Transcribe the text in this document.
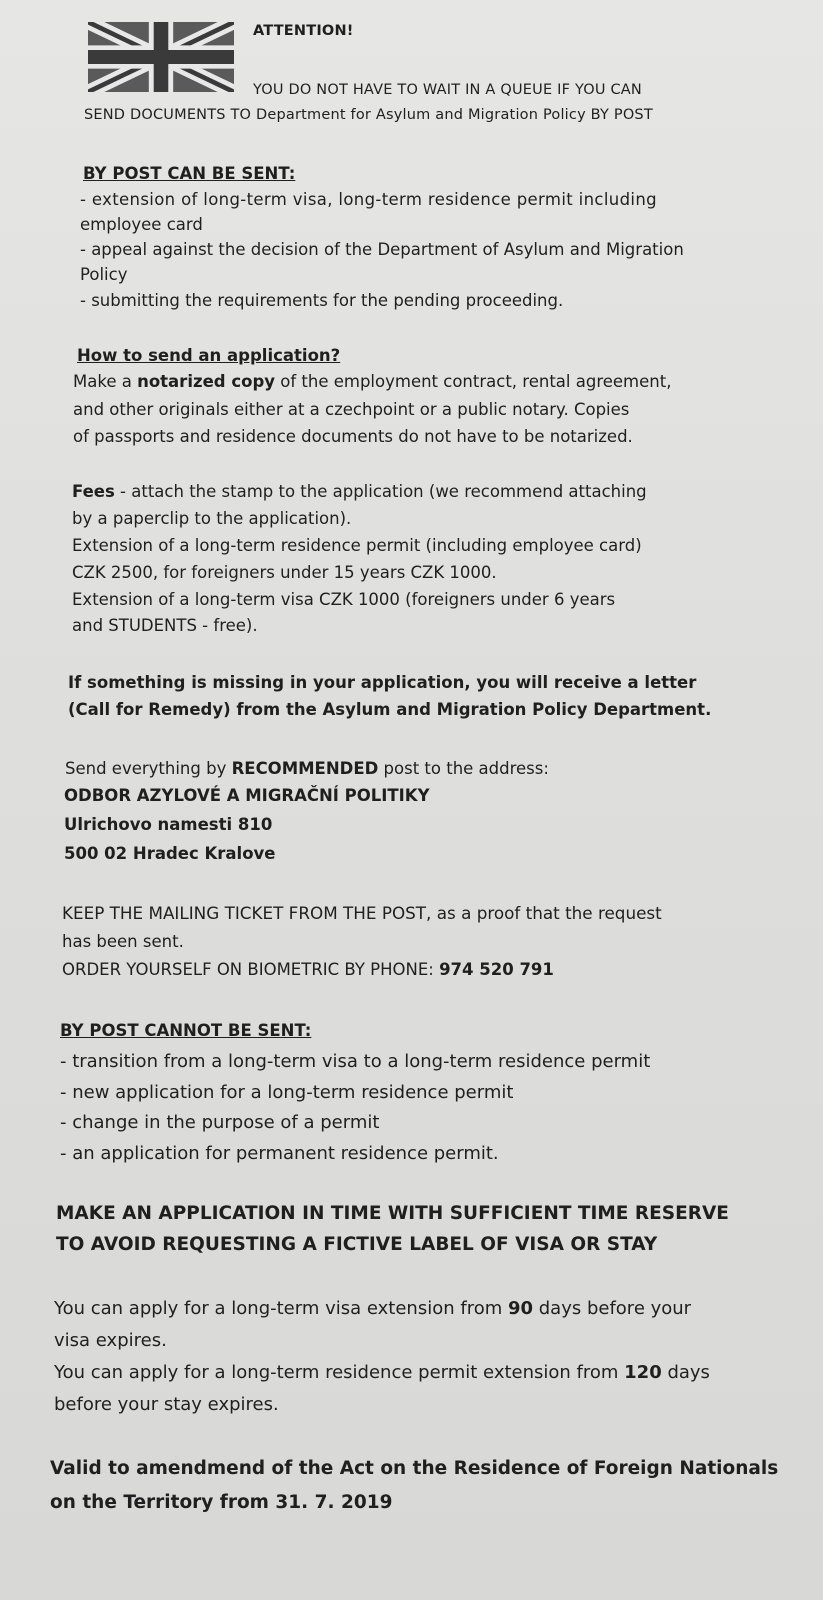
ATTENTION!
YOU DO NOT HAVE TO WAIT IN A QUEUE IF YOU CAN
SEND DOCUMENTS TO Department for Asylum and Migration Policy BY POST
BY POST CAN BE SENT:
- extension of long-term visa, long-term residence permit including
employee card
- appeal against the decision of the Department of Asylum and Migration
Policy
- submitting the requirements for the pending proceeding.
How to send an application?
Make a notarized copy of the employment contract, rental agreement,
and other originals either at a czechpoint or a public notary. Copies
of passports and residence documents do not have to be notarized.
Fees - attach the stamp to the application (we recommend attaching
by a paperclip to the application).
Extension of a long-term residence permit (including employee card)
CZK 2500, for foreigners under 15 years CZK 1000.
Extension of a long-term visa CZK 1000 (foreigners under 6 years
and STUDENTS - free).
If something is missing in your application, you will receive a letter
(Call for Remedy) from the Asylum and Migration Policy Department.
Send everything by RECOMMENDED post to the address:
ODBOR AZYLOVÉ A MIGRAČNÍ POLITIKY
Ulrichovo namesti 810
500 02 Hradec Kralove
KEEP THE MAILING TICKET FROM THE POST, as a proof that the request
has been sent.
ORDER YOURSELF ON BIOMETRIC BY PHONE: 974 520 791
BY POST CANNOT BE SENT:
- transition from a long-term visa to a long-term residence permit
- new application for a long-term residence permit
- change in the purpose of a permit
- an application for permanent residence permit.
MAKE AN APPLICATION IN TIME WITH SUFFICIENT TIME RESERVE
TO AVOID REQUESTING A FICTIVE LABEL OF VISA OR STAY
You can apply for a long-term visa extension from 90 days before your
visa expires.
You can apply for a long-term residence permit extension from 120 days
before your stay expires.
Valid to amendmend of the Act on the Residence of Foreign Nationals
on the Territory from 31. 7. 2019
